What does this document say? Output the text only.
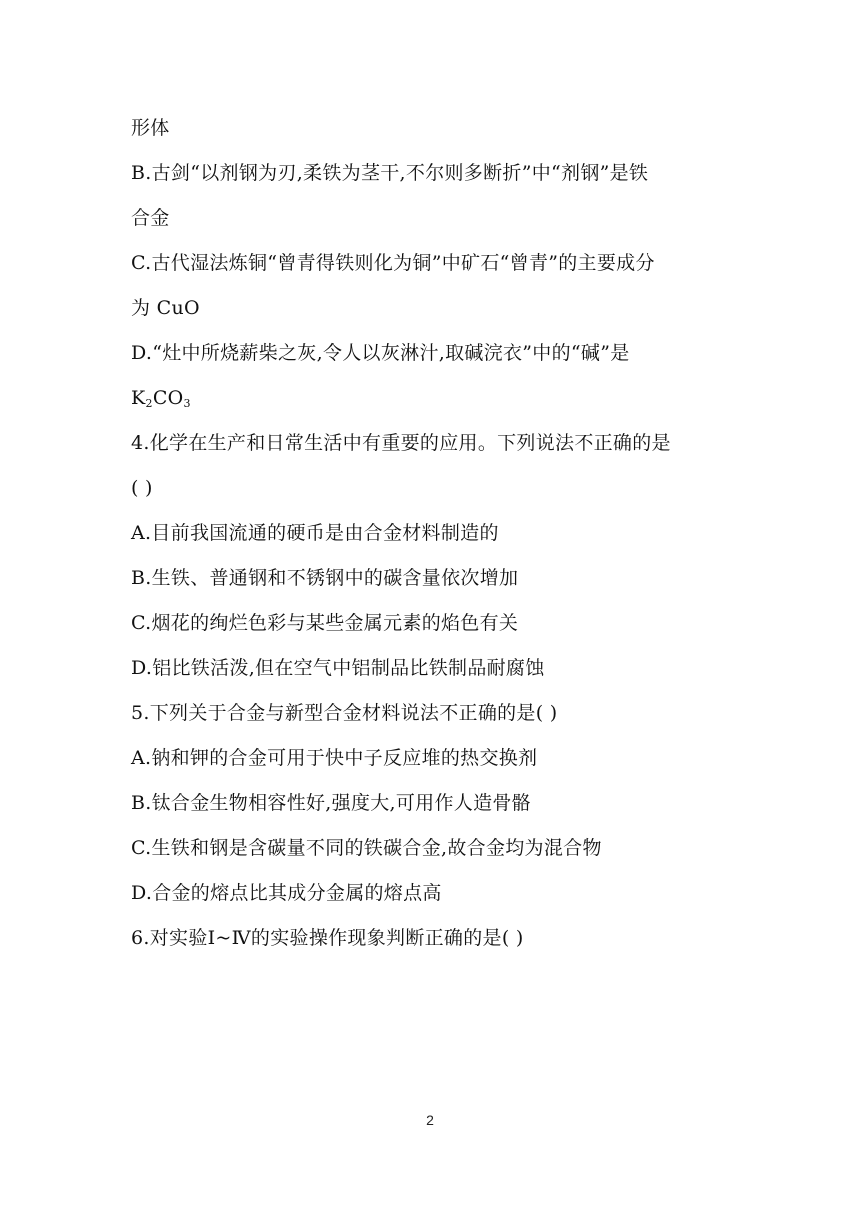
形体
B.古剑“以剂钢为刃,柔铁为茎干,不尔则多断折”中“剂钢”是铁
合金
C.古代湿法炼铜“曾青得铁则化为铜”中矿石“曾青”的主要成分
为 CuO
D.“灶中所烧薪柴之灰,令人以灰淋汁,取碱浣衣”中的“碱”是
$K_2CO_3$
4.化学在生产和日常生活中有重要的应用。下列说法不正确的是
( )
A.目前我国流通的硬币是由合金材料制造的
B.生铁、普通钢和不锈钢中的碳含量依次增加
C.烟花的绚烂色彩与某些金属元素的焰色有关
D.铝比铁活泼,但在空气中铝制品比铁制品耐腐蚀
5.下列关于合金与新型合金材料说法不正确的是( )
A.钠和钾的合金可用于快中子反应堆的热交换剂
B.钛合金生物相容性好,强度大,可用作人造骨骼
C.生铁和钢是含碳量不同的铁碳合金,故合金均为混合物
D.合金的熔点比其成分金属的熔点高
6.对实验Ⅰ~Ⅳ的实验操作现象判断正确的是( )
2
